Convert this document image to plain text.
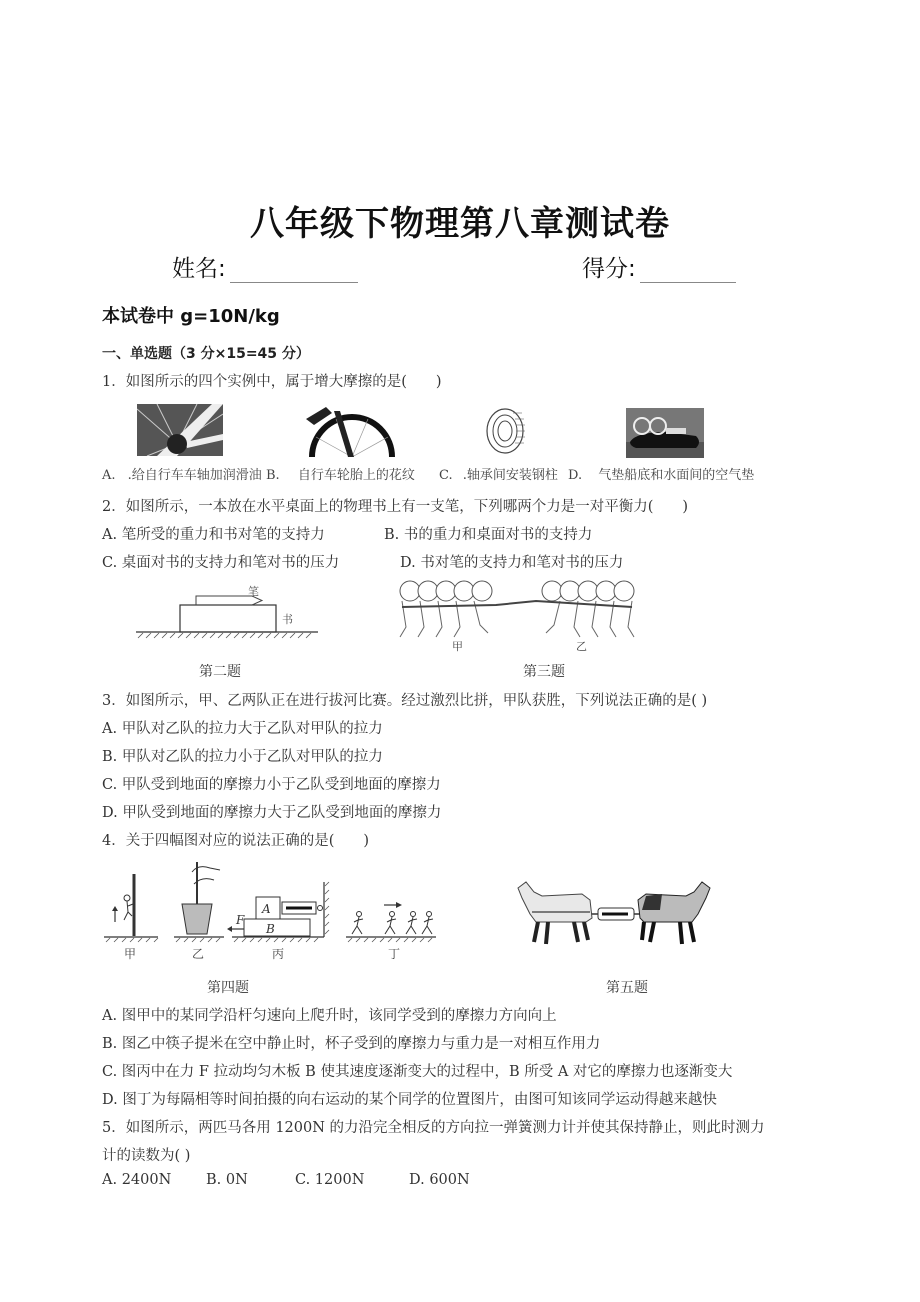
八年级下物理第八章测试卷
姓名:	得分:
本试卷中 g=10N/kg
一、单选题（3 分×15=45 分）
1．如图所示的四个实例中，属于增大摩擦的是(　　)
A. .给自行车车轴加润滑油 B. 自行车轮胎上的花纹 C. .轴承间安装钢柱 D. 气垫船底和水面间的空气垫
2．如图所示，一本放在水平桌面上的物理书上有一支笔，下列哪两个力是一对平衡力(　　)
A. 笔所受的重力和书对笔的支持力	B. 书的重力和桌面对书的支持力
C. 桌面对书的支持力和笔对书的压力	D. 书对笔的支持力和笔对书的压力
笔
书
第二题
甲	乙
第三题
3．如图所示，甲、乙两队正在进行拔河比赛。经过激烈比拼，甲队获胜，下列说法正确的是( )
A. 甲队对乙队的拉力大于乙队对甲队的拉力
B. 甲队对乙队的拉力小于乙队对甲队的拉力
C. 甲队受到地面的摩擦力小于乙队受到地面的摩擦力
D. 甲队受到地面的摩擦力大于乙队受到地面的摩擦力
4．关于四幅图对应的说法正确的是(　　)
甲	乙
A
B
F
丙	丁
第四题	第五题
A. 图甲中的某同学沿杆匀速向上爬升时，该同学受到的摩擦力方向向上
B. 图乙中筷子提米在空中静止时，杯子受到的摩擦力与重力是一对相互作用力
C. 图丙中在力 F 拉动均匀木板 B 使其速度逐渐变大的过程中，B 所受 A 对它的摩擦力也逐渐变大
D. 图丁为每隔相等时间拍摄的向右运动的某个同学的位置图片，由图可知该同学运动得越来越快
5．如图所示，两匹马各用 1200N 的力沿完全相反的方向拉一弹簧测力计并使其保持静止，则此时测力
计的读数为( )
A. 2400N B. 0N	C. 1200N	D. 600N
